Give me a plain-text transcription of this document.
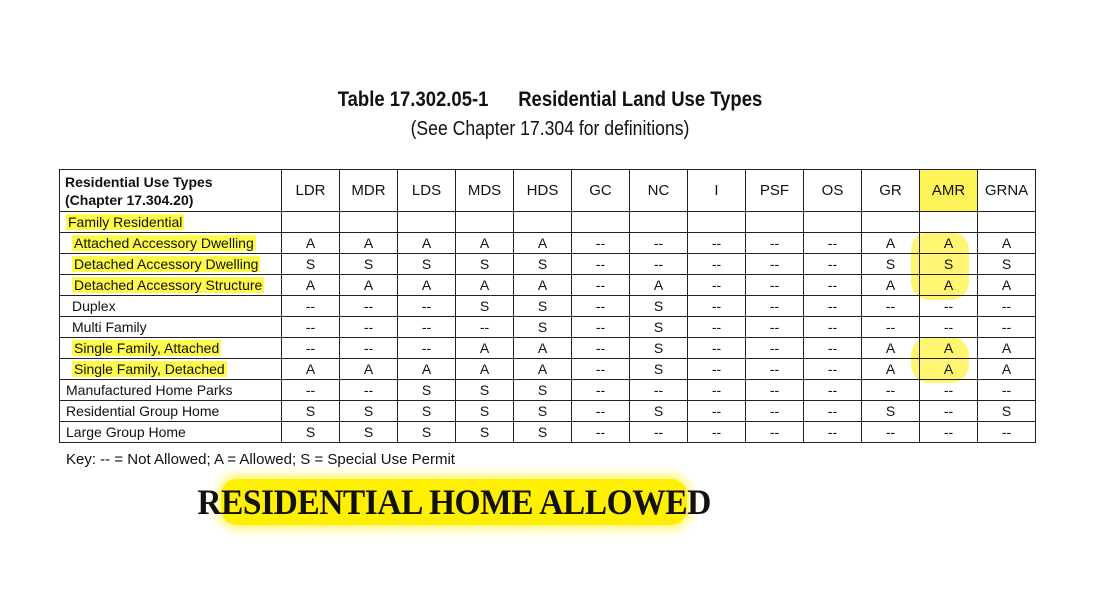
Table 17.302.05-1 Residential Land Use Types
(See Chapter 17.304 for definitions)
Residential Use Types
(Chapter 17.304.20)	LDR	MDR	LDS	MDS	HDS	GC	NC	I	PSF	OS	GR	AMR	GRNA
Family Residential													
Attached Accessory Dwelling	A	A	A	A	A	--	--	--	--	--	A	A	A
Detached Accessory Dwelling	S	S	S	S	S	--	--	--	--	--	S	S	S
Detached Accessory Structure	A	A	A	A	A	--	A	--	--	--	A	A	A
Duplex	--	--	--	S	S	--	S	--	--	--	--	--	--
Multi Family	--	--	--	--	S	--	S	--	--	--	--	--	--
Single Family, Attached	--	--	--	A	A	--	S	--	--	--	A	A	A
Single Family, Detached	A	A	A	A	A	--	S	--	--	--	A	A	A
Manufactured Home Parks	--	--	S	S	S	--	--	--	--	--	--	--	--
Residential Group Home	S	S	S	S	S	--	S	--	--	--	S	--	S
Large Group Home	S	S	S	S	S	--	--	--	--	--	--	--	--
Key: -- = Not Allowed; A = Allowed; S = Special Use Permit
RESIDENTIAL HOME ALLOWED
